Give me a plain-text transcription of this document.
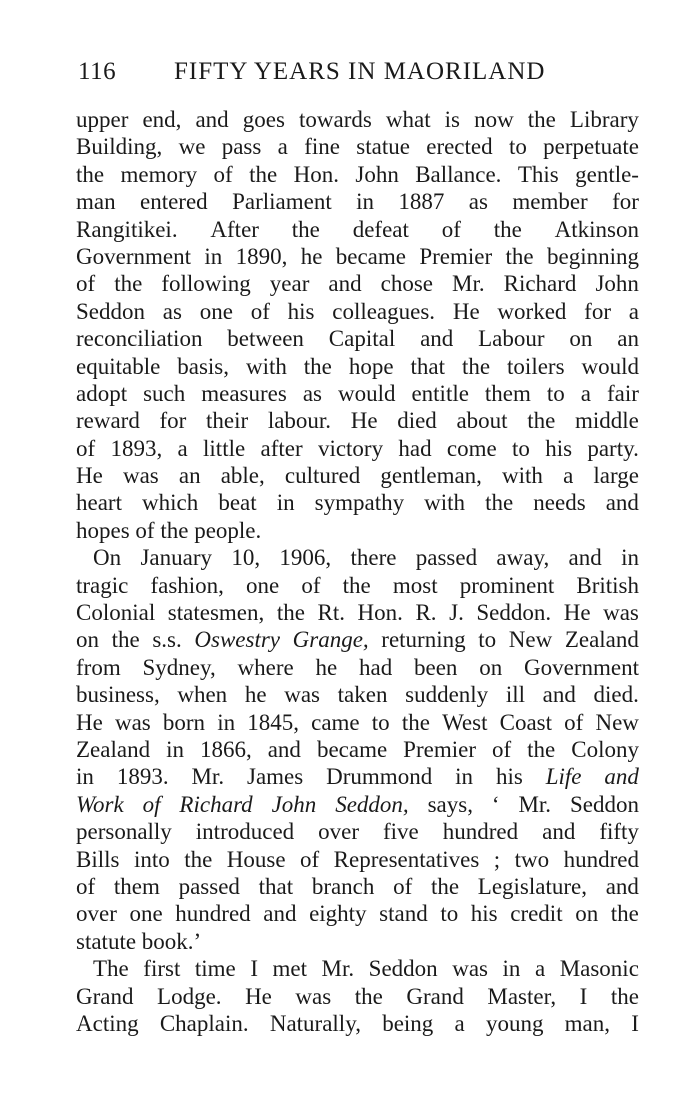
116 FIFTY YEARS IN MAORILAND
upper end, and goes towards what is now the Library
Building, we pass a fine statue erected to perpetuate
the memory of the Hon. John Ballance. This gentle-
man entered Parliament in 1887 as member for
Rangitikei. After the defeat of the Atkinson
Government in 1890, he became Premier the beginning
of the following year and chose Mr. Richard John
Seddon as one of his colleagues. He worked for a
reconciliation between Capital and Labour on an
equitable basis, with the hope that the toilers would
adopt such measures as would entitle them to a fair
reward for their labour. He died about the middle
of 1893, a little after victory had come to his party.
He was an able, cultured gentleman, with a large
heart which beat in sympathy with the needs and
hopes of the people.
On January 10, 1906, there passed away, and in
tragic fashion, one of the most prominent British
Colonial statesmen, the Rt. Hon. R. J. Seddon. He was
on the s.s. Oswestry Grange, returning to New Zealand
from Sydney, where he had been on Government
business, when he was taken suddenly ill and died.
He was born in 1845, came to the West Coast of New
Zealand in 1866, and became Premier of the Colony
in 1893. Mr. James Drummond in his Life and
Work of Richard John Seddon, says, ‘ Mr. Seddon
personally introduced over five hundred and fifty
Bills into the House of Representatives ; two hundred
of them passed that branch of the Legislature, and
over one hundred and eighty stand to his credit on the
statute book.’
The first time I met Mr. Seddon was in a Masonic
Grand Lodge. He was the Grand Master, I the
Acting Chaplain. Naturally, being a young man, I
